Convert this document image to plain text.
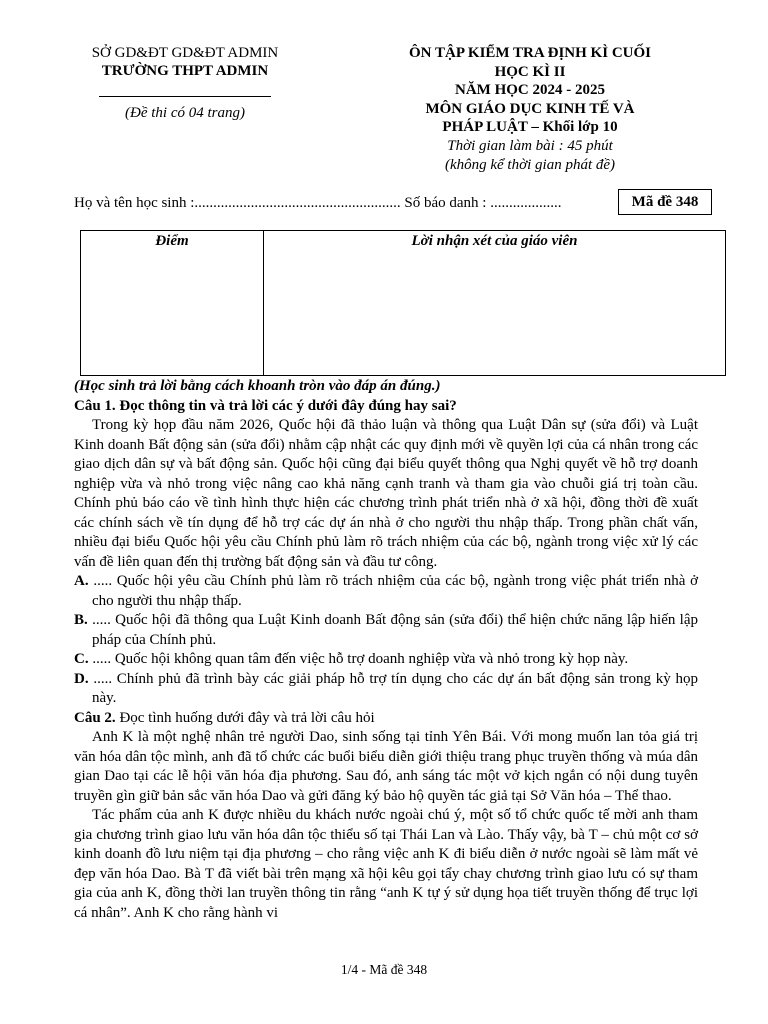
SỞ GD&ĐT GD&ĐT ADMIN
TRƯỜNG THPT ADMIN
(Đề thi có 04 trang)
ÔN TẬP KIỂM TRA ĐỊNH KÌ CUỐI
HỌC KÌ II
NĂM HỌC 2024 - 2025
MÔN GIÁO DỤC KINH TẾ VÀ
PHÁP LUẬT – Khối lớp 10
Thời gian làm bài : 45 phút
(không kể thời gian phát đề)
Họ và tên học sinh :....................................................... Số báo danh : ...................	Mã đề 348
Điểm	Lời nhận xét của giáo viên

(Học sinh trả lời bằng cách khoanh tròn vào đáp án đúng.)

Câu 1. Đọc thông tin và trả lời các ý dưới đây đúng hay sai?

Trong kỳ họp đầu năm 2026, Quốc hội đã thảo luận và thông qua Luật Dân sự (sửa đổi) và Luật Kinh doanh Bất động sản (sửa đổi) nhằm cập nhật các quy định mới về quyền lợi của cá nhân trong các giao dịch dân sự và bất động sản. Quốc hội cũng đại biểu quyết thông qua Nghị quyết về hỗ trợ doanh nghiệp vừa và nhỏ trong việc nâng cao khả năng cạnh tranh và tham gia vào chuỗi giá trị toàn cầu. Chính phủ báo cáo về tình hình thực hiện các chương trình phát triển nhà ở xã hội, đồng thời đề xuất các chính sách về tín dụng để hỗ trợ các dự án nhà ở cho người thu nhập thấp. Trong phần chất vấn, nhiều đại biểu Quốc hội yêu cầu Chính phủ làm rõ trách nhiệm của các bộ, ngành trong việc xử lý các vấn đề liên quan đến thị trường bất động sản và đầu tư công.

A. ..... Quốc hội yêu cầu Chính phủ làm rõ trách nhiệm của các bộ, ngành trong việc phát triển nhà ở cho người thu nhập thấp.

B. ..... Quốc hội đã thông qua Luật Kinh doanh Bất động sản (sửa đổi) thể hiện chức năng lập hiến lập pháp của Chính phủ.

C. ..... Quốc hội không quan tâm đến việc hỗ trợ doanh nghiệp vừa và nhỏ trong kỳ họp này.

D. ..... Chính phủ đã trình bày các giải pháp hỗ trợ tín dụng cho các dự án bất động sản trong kỳ họp này.

Câu 2. Đọc tình huống dưới đây và trả lời câu hỏi

Anh K là một nghệ nhân trẻ người Dao, sinh sống tại tỉnh Yên Bái. Với mong muốn lan tỏa giá trị văn hóa dân tộc mình, anh đã tổ chức các buổi biểu diễn giới thiệu trang phục truyền thống và múa dân gian Dao tại các lễ hội văn hóa địa phương. Sau đó, anh sáng tác một vở kịch ngắn có nội dung tuyên truyền gìn giữ bản sắc văn hóa Dao và gửi đăng ký bảo hộ quyền tác giả tại Sở Văn hóa – Thể thao.

Tác phẩm của anh K được nhiều du khách nước ngoài chú ý, một số tổ chức quốc tế mời anh tham gia chương trình giao lưu văn hóa dân tộc thiểu số tại Thái Lan và Lào. Thấy vậy, bà T – chủ một cơ sở kinh doanh đồ lưu niệm tại địa phương – cho rằng việc anh K đi biểu diễn ở nước ngoài sẽ làm mất vẻ đẹp văn hóa Dao. Bà T đã viết bài trên mạng xã hội kêu gọi tẩy chay chương trình giao lưu có sự tham gia của anh K, đồng thời lan truyền thông tin rằng “anh K tự ý sử dụng họa tiết truyền thống để trục lợi cá nhân”. Anh K cho rằng hành vi

1/4 - Mã đề 348
